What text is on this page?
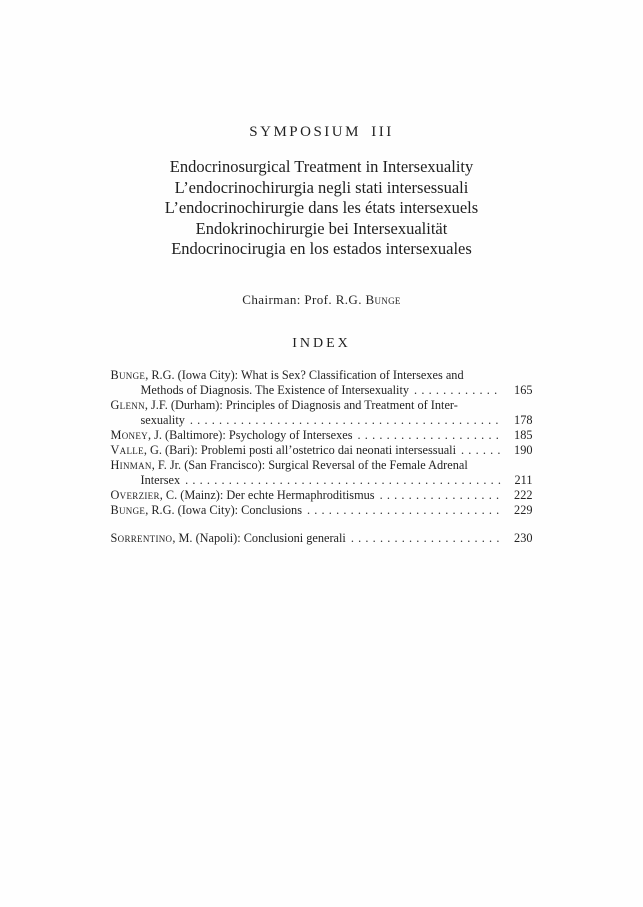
SYMPOSIUM III
Endocrinosurgical Treatment in Intersexuality
L’endocrinochirurgia negli stati intersessuali
L’endocrinochirurgie dans les états intersexuels
Endokrinochirurgie bei Intersexualität
Endocrinocirugia en los estados intersexuales
Chairman: Prof. R.G. Bunge
INDEX
Bunge, R.G. (Iowa City): What is Sex? Classification of Intersexes and
Methods of Diagnosis. The Existence of Intersexuality .....	165
Glenn, J.F. (Durham): Principles of Diagnosis and Treatment of Inter-
sexuality .....	178
Money, J. (Baltimore): Psychology of Intersexes .....	185
Valle, G. (Bari): Problemi posti all’ostetrico dai neonati intersessuali .....	190
Hinman, F. Jr. (San Francisco): Surgical Reversal of the Female Adrenal
Intersex .....	211
Overzier, C. (Mainz): Der echte Hermaphroditismus .....	222
Bunge, R.G. (Iowa City): Conclusions .....	229
Sorrentino, M. (Napoli): Conclusioni generali .....	230
